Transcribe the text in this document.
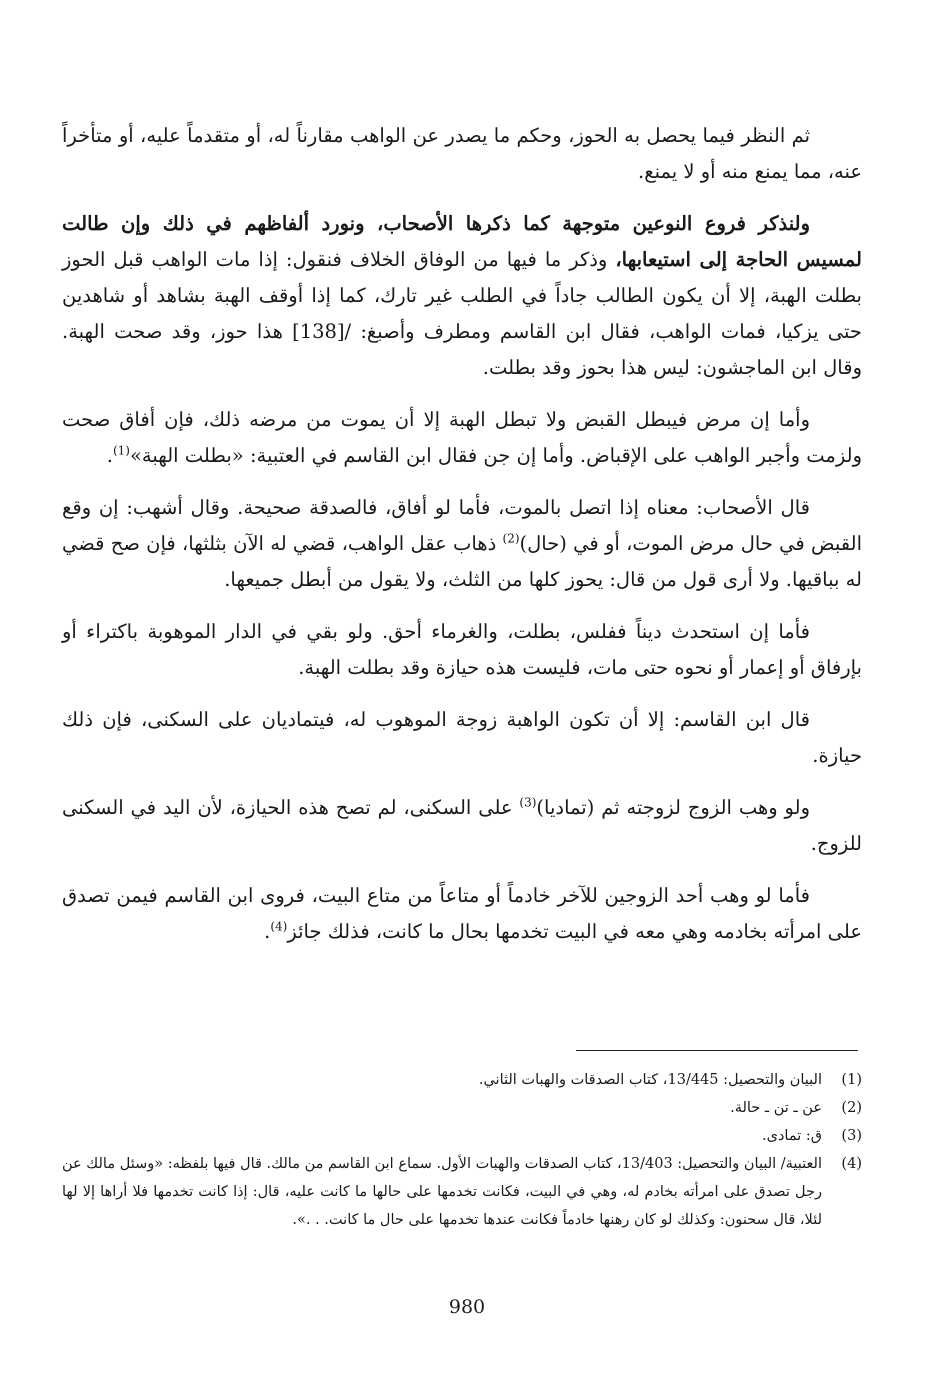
ثم النظر فيما يحصل به الحوز، وحكم ما يصدر عن الواهب مقارناً له، أو متقدماً عليه، أو متأخراً عنه، مما يمنع منه أو لا يمنع.

ولنذكر فروع النوعين متوجهة كما ذكرها الأصحاب، ونورد ألفاظهم في ذلك وإن طالت لمسيس الحاجة إلى استيعابها، وذكر ما فيها من الوفاق الخلاف فنقول: إذا مات الواهب قبل الحوز بطلت الهبة، إلا أن يكون الطالب جاداً في الطلب غير تارك، كما إذا أوقف الهبة بشاهد أو شاهدين حتى يزكيا، فمات الواهب، فقال ابن القاسم ومطرف وأصبغ: /[138] هذا حوز، وقد صحت الهبة. وقال ابن الماجشون: ليس هذا بحوز وقد بطلت.

وأما إن مرض فيبطل القبض ولا تبطل الهبة إلا أن يموت من مرضه ذلك، فإن أفاق صحت ولزمت وأجبر الواهب على الإقباض. وأما إن جن فقال ابن القاسم في العتبية: «بطلت الهبة»$^{(1)}$.

قال الأصحاب: معناه إذا اتصل بالموت، فأما لو أفاق، فالصدقة صحيحة. وقال أشهب: إن وقع القبض في حال مرض الموت، أو في (حال)$^{(2)}$ ذهاب عقل الواهب، قضي له الآن بثلثها، فإن صح قضي له بباقيها. ولا أرى قول من قال: يحوز كلها من الثلث، ولا يقول من أبطل جميعها.

فأما إن استحدث ديناً ففلس، بطلت، والغرماء أحق. ولو بقي في الدار الموهوبة باكتراء أو بإرفاق أو إعمار أو نحوه حتى مات، فليست هذه حيازة وقد بطلت الهبة.

قال ابن القاسم: إلا أن تكون الواهبة زوجة الموهوب له، فيتماديان على السكنى، فإن ذلك حيازة.

ولو وهب الزوج لزوجته ثم (تماديا)$^{(3)}$ على السكنى، لم تصح هذه الحيازة، لأن اليد في السكنى للزوج.

فأما لو وهب أحد الزوجين للآخر خادماً أو متاعاً من متاع البيت، فروى ابن القاسم فيمن تصدق على امرأته بخادمه وهي معه في البيت تخدمها بحال ما كانت، فذلك جائز$^{(4)}$.

(1)
البيان والتحصيل: 13/445، كتاب الصدقات والهبات الثاني.
(2)
عن ـ تن ـ حالة.
(3)
ق: تمادى.
(4)
العتبية/ البيان والتحصيل: 13/403، كتاب الصدقات والهبات الأول. سماع ابن القاسم من مالك. قال فيها بلفظه: «وسئل مالك عن رجل تصدق على امرأته بخادم له، وهي في البيت، فكانت تخدمها على حالها ما كانت عليه، قال: إذا كانت تخدمها فلا أراها إلا لها لئلا، قال سحنون: وكذلك لو كان رهنها خادماً فكانت عندها تخدمها على حال ما كانت. . .».
980
